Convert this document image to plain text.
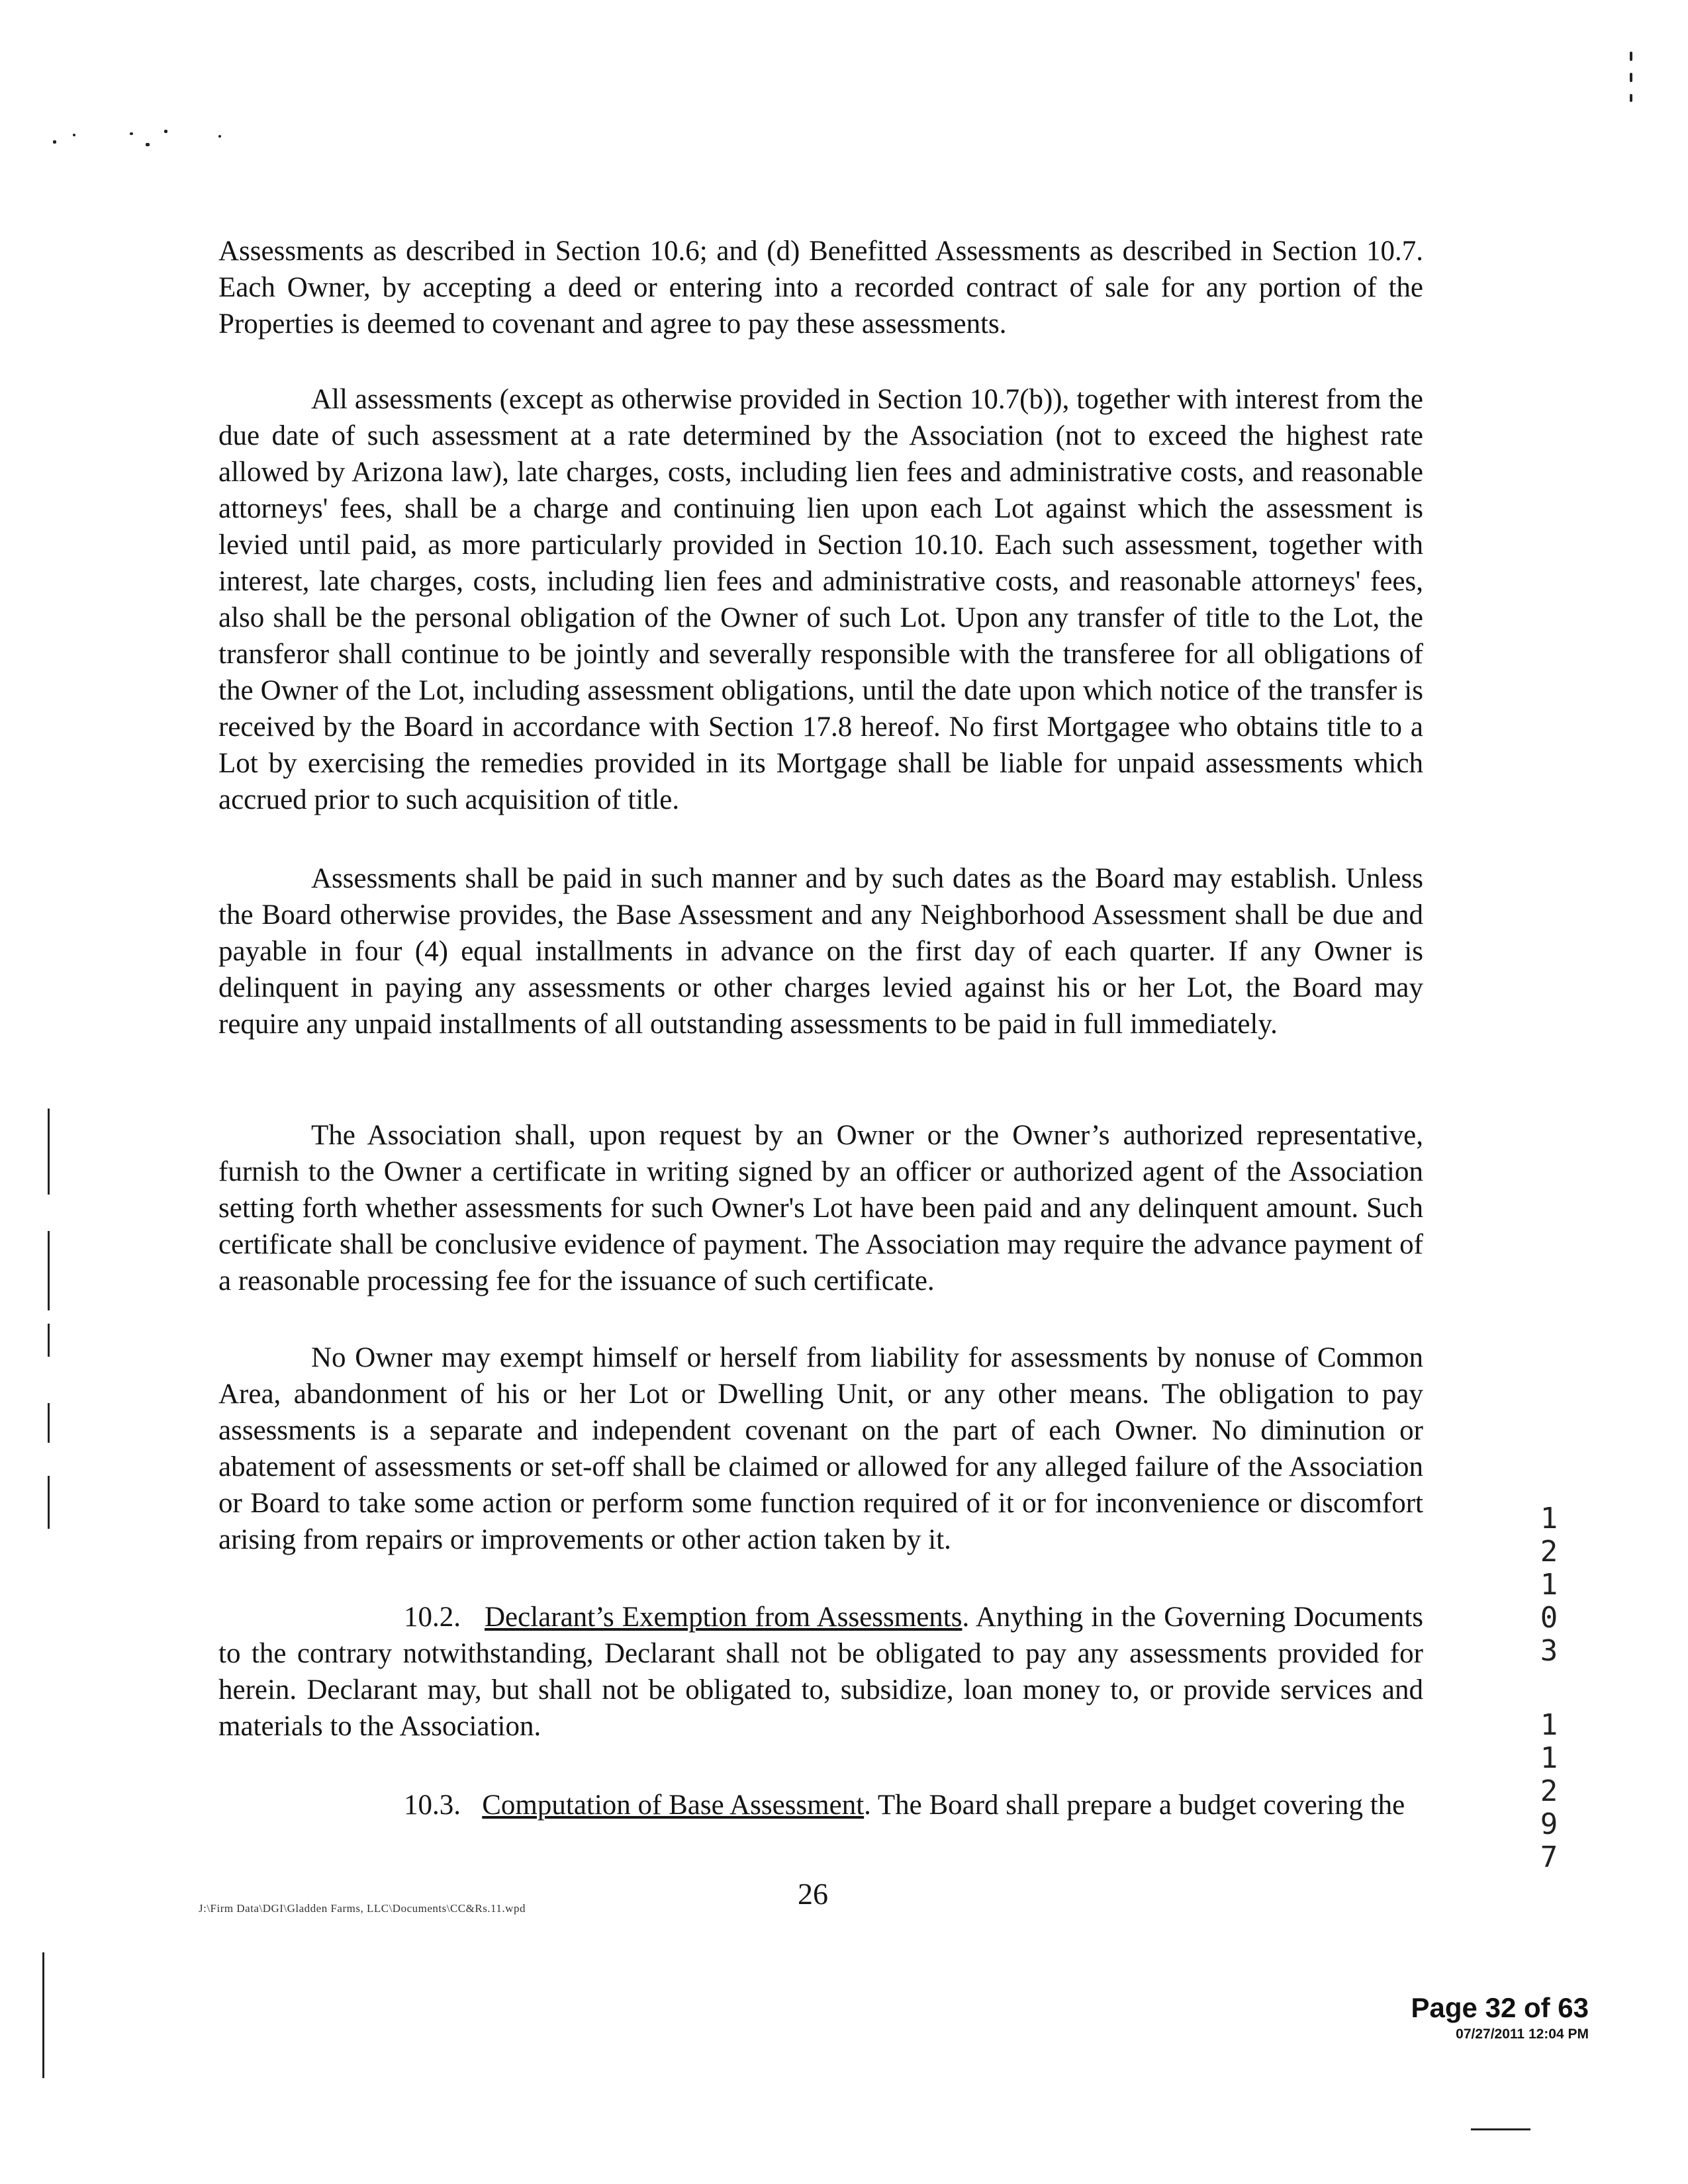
Assessments as described in Section 10.6; and (d) Benefitted Assessments as described in Section 10.7. Each Owner, by accepting a deed or entering into a recorded contract of sale for any portion of the Properties is deemed to covenant and agree to pay these assessments.

All assessments (except as otherwise provided in Section 10.7(b)), together with interest from the due date of such assessment at a rate determined by the Association (not to exceed the highest rate allowed by Arizona law), late charges, costs, including lien fees and administrative costs, and reasonable attorneys' fees, shall be a charge and continuing lien upon each Lot against which the assessment is levied until paid, as more particularly provided in Section 10.10. Each such assessment, together with interest, late charges, costs, including lien fees and administrative costs, and reasonable attorneys' fees, also shall be the personal obligation of the Owner of such Lot. Upon any transfer of title to the Lot, the transferor shall continue to be jointly and severally responsible with the transferee for all obligations of the Owner of the Lot, including assessment obligations, until the date upon which notice of the transfer is received by the Board in accordance with Section 17.8 hereof. No first Mortgagee who obtains title to a Lot by exercising the remedies provided in its Mortgage shall be liable for unpaid assessments which accrued prior to such acquisition of title.

Assessments shall be paid in such manner and by such dates as the Board may establish. Unless the Board otherwise provides, the Base Assessment and any Neighborhood Assessment shall be due and payable in four (4) equal installments in advance on the first day of each quarter. If any Owner is delinquent in paying any assessments or other charges levied against his or her Lot, the Board may require any unpaid installments of all outstanding assessments to be paid in full immediately.

The Association shall, upon request by an Owner or the Owner’s authorized representative, furnish to the Owner a certificate in writing signed by an officer or authorized agent of the Association setting forth whether assessments for such Owner's Lot have been paid and any delinquent amount. Such certificate shall be conclusive evidence of payment. The Association may require the advance payment of a reasonable processing fee for the issuance of such certificate.

No Owner may exempt himself or herself from liability for assessments by nonuse of Common Area, abandonment of his or her Lot or Dwelling Unit, or any other means. The obligation to pay assessments is a separate and independent covenant on the part of each Owner. No diminution or abatement of assessments or set-off shall be claimed or allowed for any alleged failure of the Association or Board to take some action or perform some function required of it or for inconvenience or discomfort arising from repairs or improvements or other action taken by it.

10.2. Declarant’s Exemption from Assessments. Anything in the Governing Documents to the contrary notwithstanding, Declarant shall not be obligated to pay any assessments provided for herein. Declarant may, but shall not be obligated to, subsidize, loan money to, or provide services and materials to the Association.

10.3. Computation of Base Assessment. The Board shall prepare a budget covering the

26
J:\Firm Data\DGI\Gladden Farms, LLC\Documents\CC&Rs.11.wpd
Page 32 of 63
07/27/2011 12:04 PM
1
2
1
0
3
1
1
2
9
7
